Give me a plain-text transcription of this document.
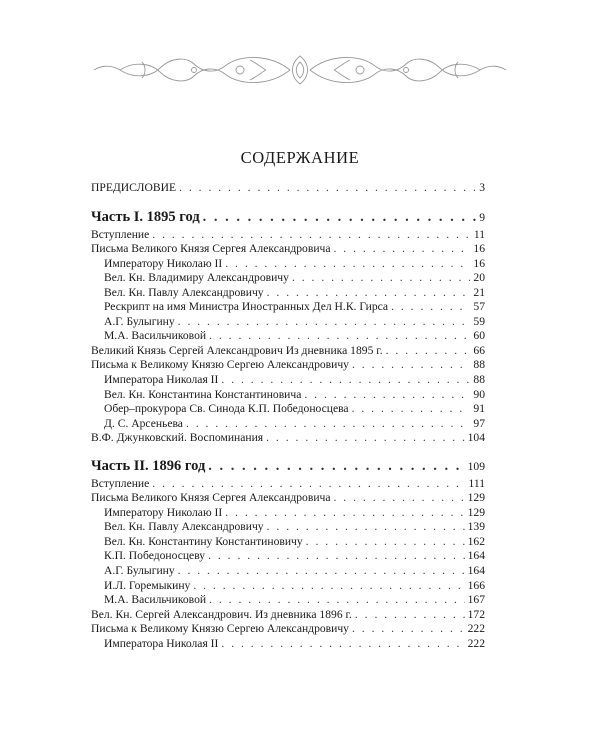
СОДЕРЖАНИЕ
ПРЕДИСЛОВИЕ . . .	3
Часть I. 1895 год . . .	9
Вступление . . .	11
Письма Великого Князя Сергея Александровича . . .	16
Императору Николаю II . . .	16
Вел. Кн. Владимиру Александровичу . . .	20
Вел. Кн. Павлу Александровичу . . .	21
Рескрипт на имя Министра Иностранных Дел Н.К. Гирса . . .	57
А.Г. Булыгину . . .	59
М.А. Васильчиковой . . .	60
Великий Князь Сергей Александрович Из дневника 1895 г. . . .	66
Письма к Великому Князю Сергею Александровичу . . .	88
Императора Николая II . . .	88
Вел. Кн. Константина Константиновича . . .	90
Обер–прокурора Св. Синода К.П. Победоносцева . . .	91
Д. С. Арсеньева . . .	97
В.Ф. Джунковский. Воспоминания . . .	104
Часть II. 1896 год . . .	109
Вступление . . .	111
Письма Великого Князя Сергея Александровича . . .	129
Императору Николаю II . . .	129
Вел. Кн. Павлу Александровичу . . .	139
Вел. Кн. Константину Константиновичу . . .	162
К.П. Победоносцеву . . .	164
А.Г. Булыгину . . .	164
И.Л. Горемыкину . . .	166
М.А. Васильчиковой . . .	167
Вел. Кн. Сергей Александрович. Из дневника 1896 г. . . .	172
Письма к Великому Князю Сергею Александровичу . . .	222
Императора Николая II . . .	222
